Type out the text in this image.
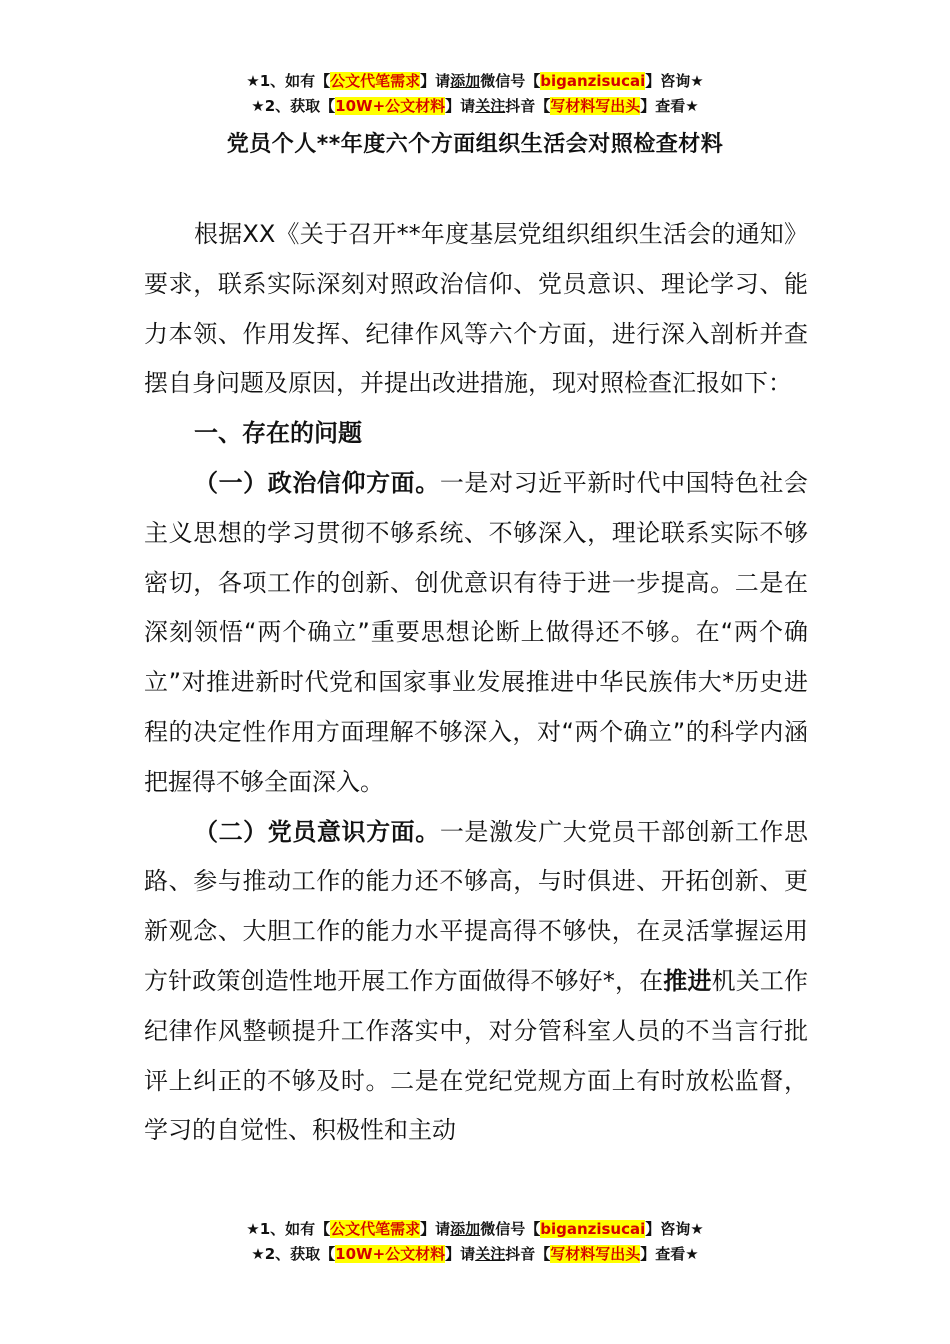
★1、如有【公文代笔需求】请添加微信号【biganzisucai】咨询★
★2、获取【10W+公文材料】请关注抖音【写材料写出头】查看★
党员个人**年度六个方面组织生活会对照检查材料

根据XX《关于召开**年度基层党组织组织生活会的通知》要求，联系实际深刻对照政治信仰、党员意识、理论学习、能力本领、作用发挥、纪律作风等六个方面，进行深入剖析并查摆自身问题及原因，并提出改进措施，现对照检查汇报如下：

一、存在的问题

（一）政治信仰方面。一是对习近平新时代中国特色社会主义思想的学习贯彻不够系统、不够深入，理论联系实际不够密切，各项工作的创新、创优意识有待于进一步提高。二是在深刻领悟“两个确立”重要思想论断上做得还不够。在“两个确立”对推进新时代党和国家事业发展推进中华民族伟大*历史进程的决定性作用方面理解不够深入，对“两个确立”的科学内涵把握得不够全面深入。

（二）党员意识方面。一是激发广大党员干部创新工作思路、参与推动工作的能力还不够高，与时俱进、开拓创新、更新观念、大胆工作的能力水平提高得不够快，在灵活掌握运用方针政策创造性地开展工作方面做得不够好*，在推进机关工作纪律作风整顿提升工作落实中，对分管科室人员的不当言行批评上纠正的不够及时。二是在党纪党规方面上有时放松监督，学习的自觉性、积极性和主动

★1、如有【公文代笔需求】请添加微信号【biganzisucai】咨询★
★2、获取【10W+公文材料】请关注抖音【写材料写出头】查看★
